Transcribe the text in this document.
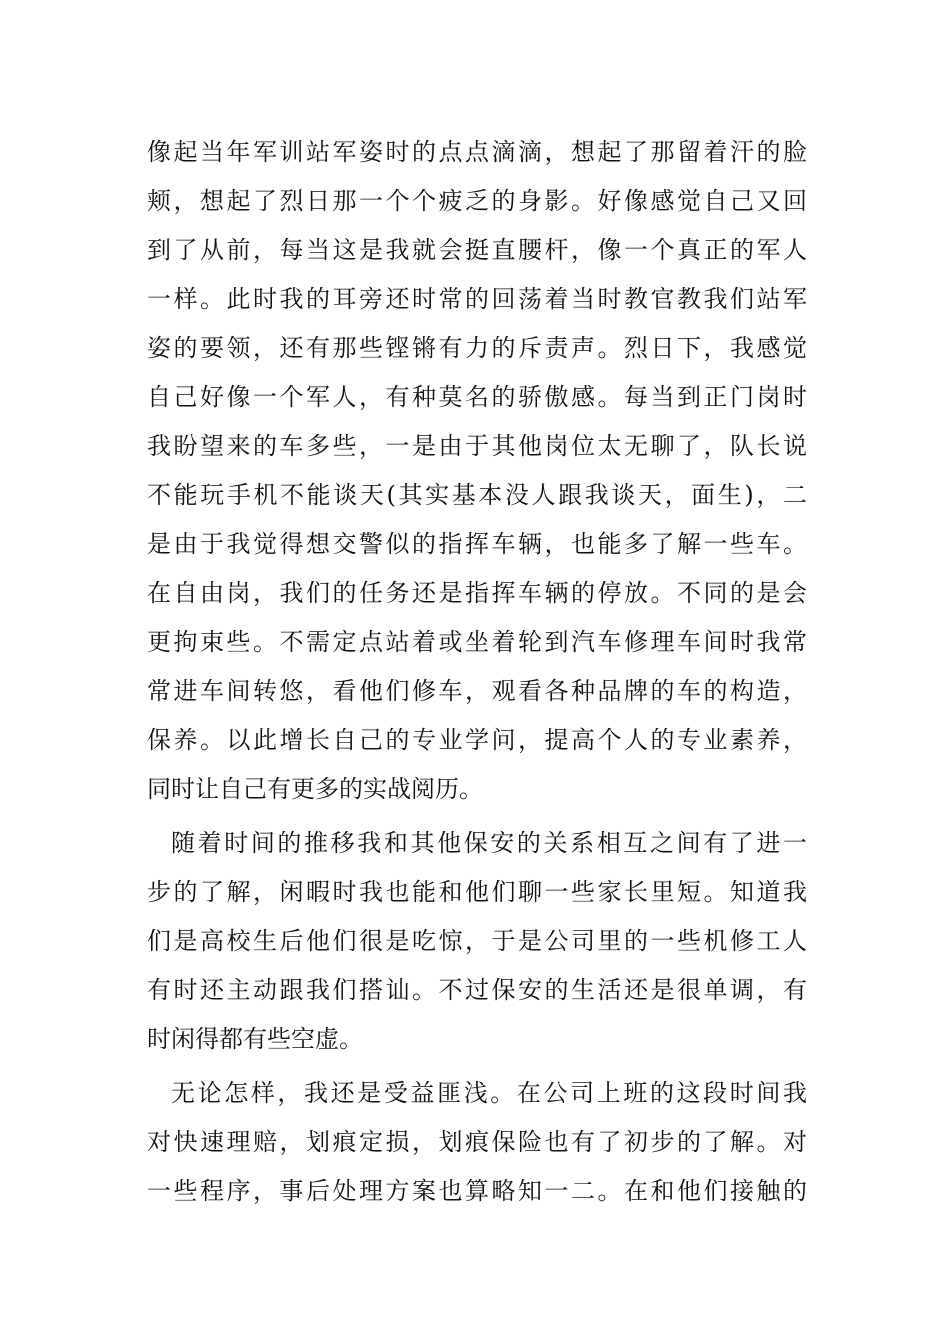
像起当年军训站军姿时的点点滴滴，想起了那留着汗的脸
颊，想起了烈日那一个个疲乏的身影。好像感觉自己又回
到了从前，每当这是我就会挺直腰杆，像一个真正的军人
一样。此时我的耳旁还时常的回荡着当时教官教我们站军
姿的要领，还有那些铿锵有力的斥责声。烈日下，我感觉
自己好像一个军人，有种莫名的骄傲感。每当到正门岗时
我盼望来的车多些，一是由于其他岗位太无聊了，队长说
不能玩手机不能谈天(其实基本没人跟我谈天，面生)，二
是由于我觉得想交警似的指挥车辆，也能多了解一些车。
在自由岗，我们的任务还是指挥车辆的停放。不同的是会
更拘束些。不需定点站着或坐着轮到汽车修理车间时我常
常进车间转悠，看他们修车，观看各种品牌的车的构造，
保养。以此增长自己的专业学问，提高个人的专业素养，
同时让自己有更多的实战阅历。
随着时间的推移我和其他保安的关系相互之间有了进一
步的了解，闲暇时我也能和他们聊一些家长里短。知道我
们是高校生后他们很是吃惊，于是公司里的一些机修工人
有时还主动跟我们搭讪。不过保安的生活还是很单调，有
时闲得都有些空虚。
无论怎样，我还是受益匪浅。在公司上班的这段时间我
对快速理赔，划痕定损，划痕保险也有了初步的了解。对
一些程序，事后处理方案也算略知一二。在和他们接触的
